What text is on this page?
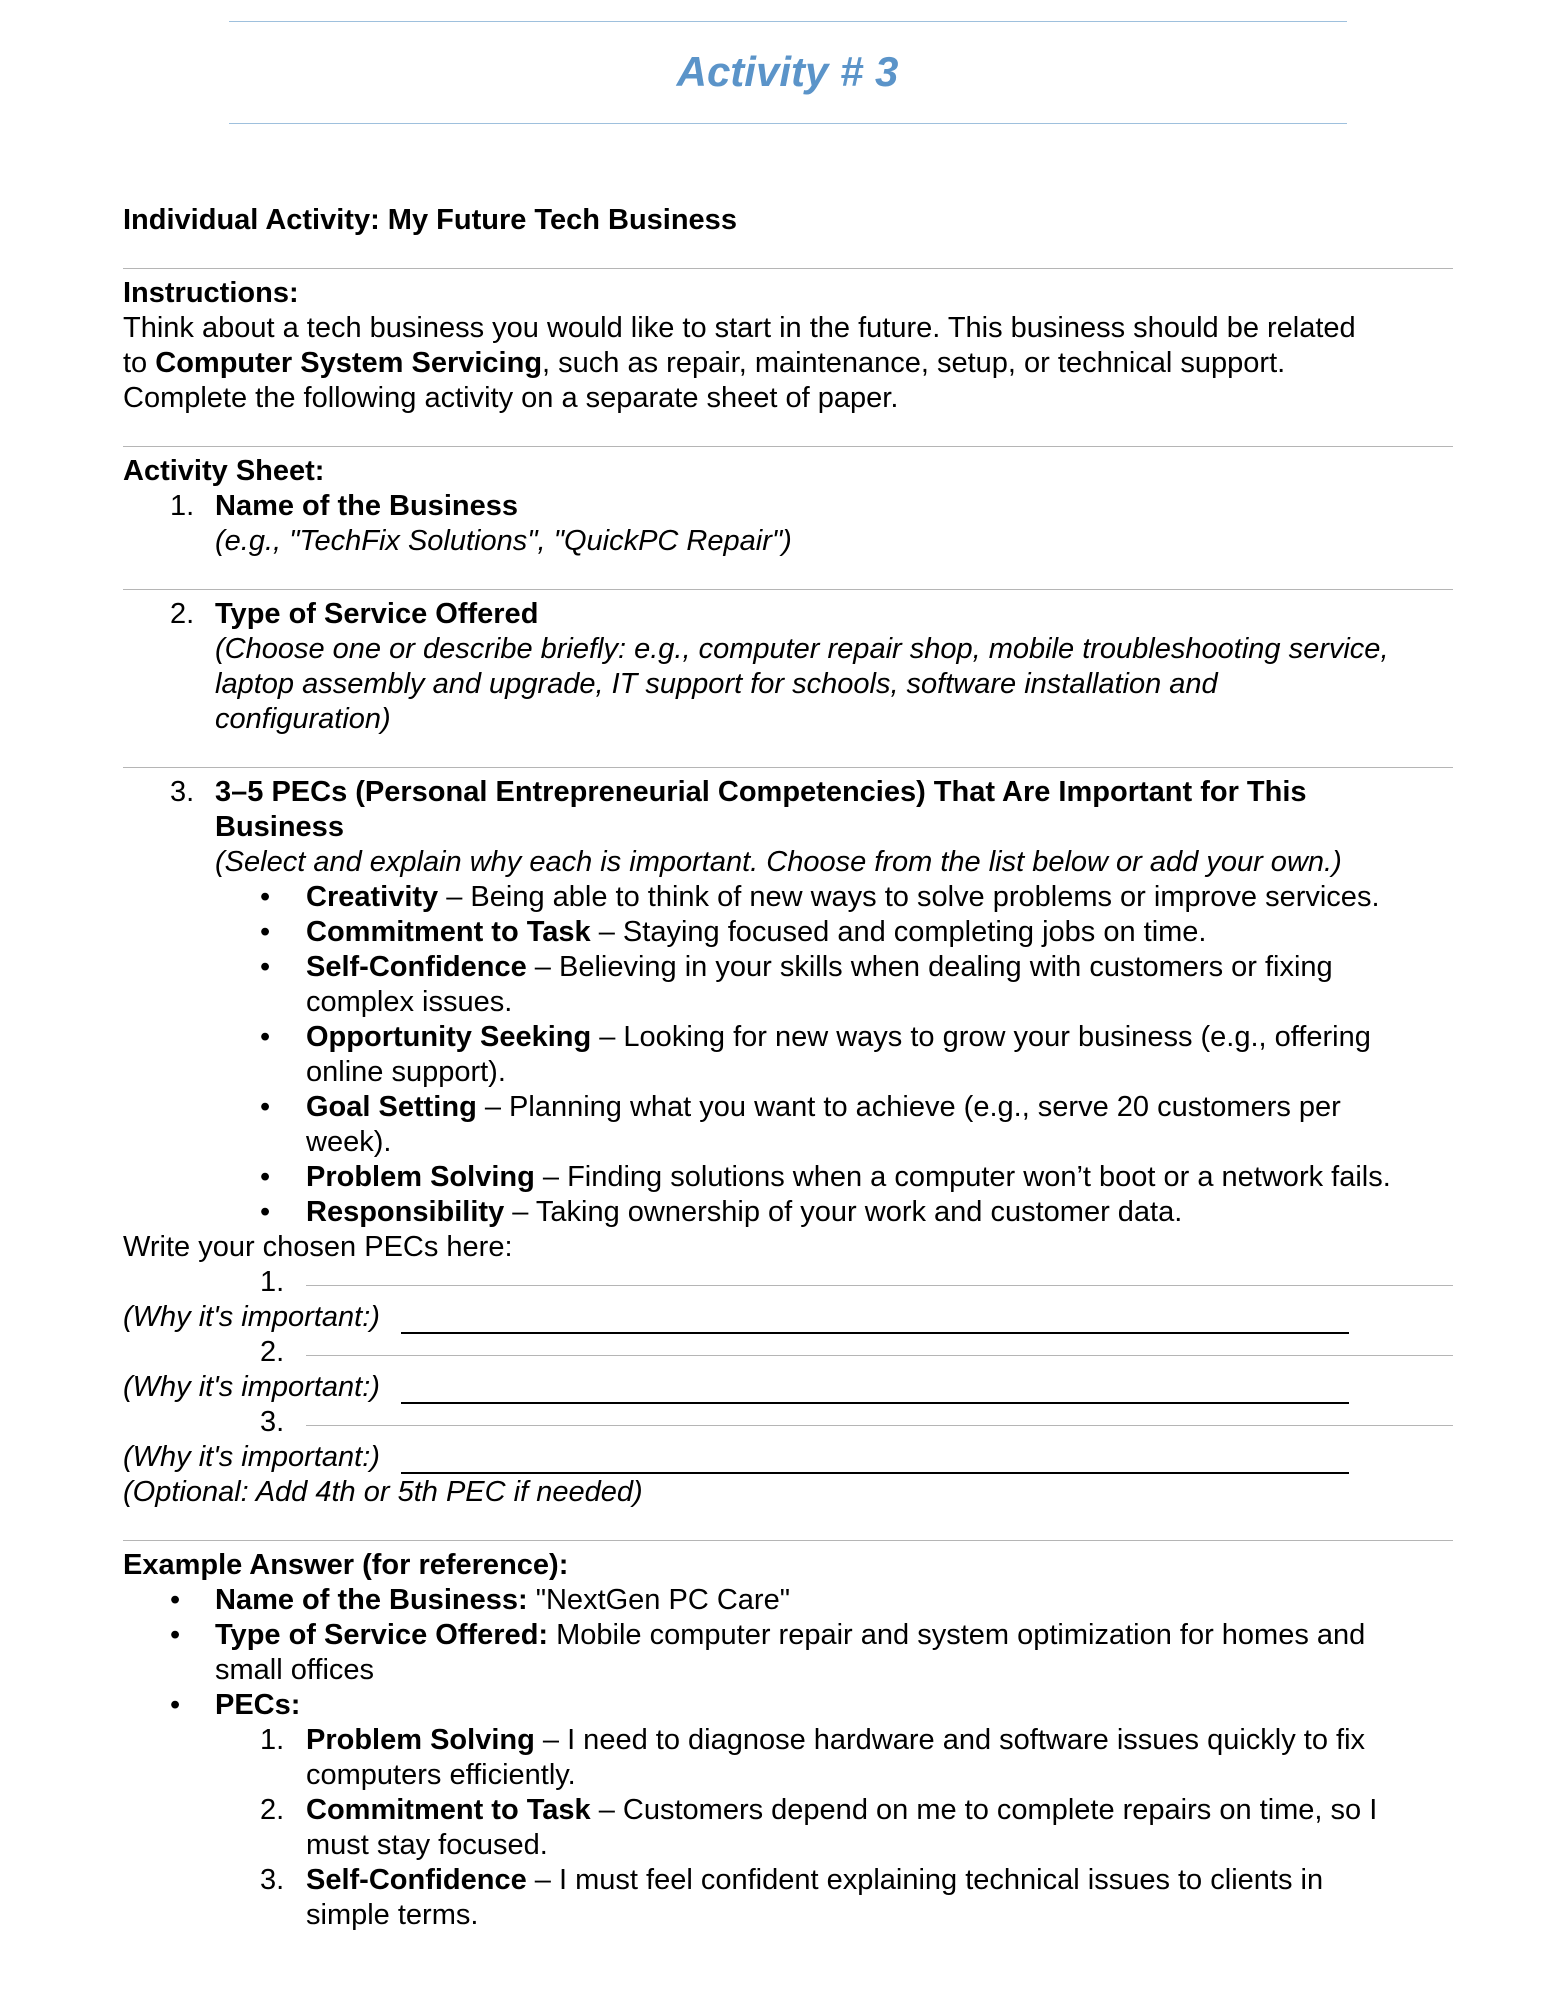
Activity # 3
Individual Activity: My Future Tech Business
Instructions:
Think about a tech business you would like to start in the future. This business should be related
to Computer System Servicing, such as repair, maintenance, setup, or technical support.
Complete the following activity on a separate sheet of paper.
Activity Sheet:
1. Name of the Business
(e.g., "TechFix Solutions", "QuickPC Repair")
2. Type of Service Offered
(Choose one or describe briefly: e.g., computer repair shop, mobile troubleshooting service,
laptop assembly and upgrade, IT support for schools, software installation and
configuration)
3. 3–5 PECs (Personal Entrepreneurial Competencies) That Are Important for This
Business
(Select and explain why each is important. Choose from the list below or add your own.)
• Creativity – Being able to think of new ways to solve problems or improve services.
• Commitment to Task – Staying focused and completing jobs on time.
• Self-Confidence – Believing in your skills when dealing with customers or fixing
complex issues.
• Opportunity Seeking – Looking for new ways to grow your business (e.g., offering
online support).
• Goal Setting – Planning what you want to achieve (e.g., serve 20 customers per
week).
• Problem Solving – Finding solutions when a computer won’t boot or a network fails.
• Responsibility – Taking ownership of your work and customer data.
Write your chosen PECs here:
1.
(Why it's important:)
2.
(Why it's important:)
3.
(Why it's important:)
(Optional: Add 4th or 5th PEC if needed)
Example Answer (for reference):
• Name of the Business: "NextGen PC Care"
• Type of Service Offered: Mobile computer repair and system optimization for homes and
small offices
• PECs:
1. Problem Solving – I need to diagnose hardware and software issues quickly to fix
computers efficiently.
2. Commitment to Task – Customers depend on me to complete repairs on time, so I
must stay focused.
3. Self-Confidence – I must feel confident explaining technical issues to clients in
simple terms.
